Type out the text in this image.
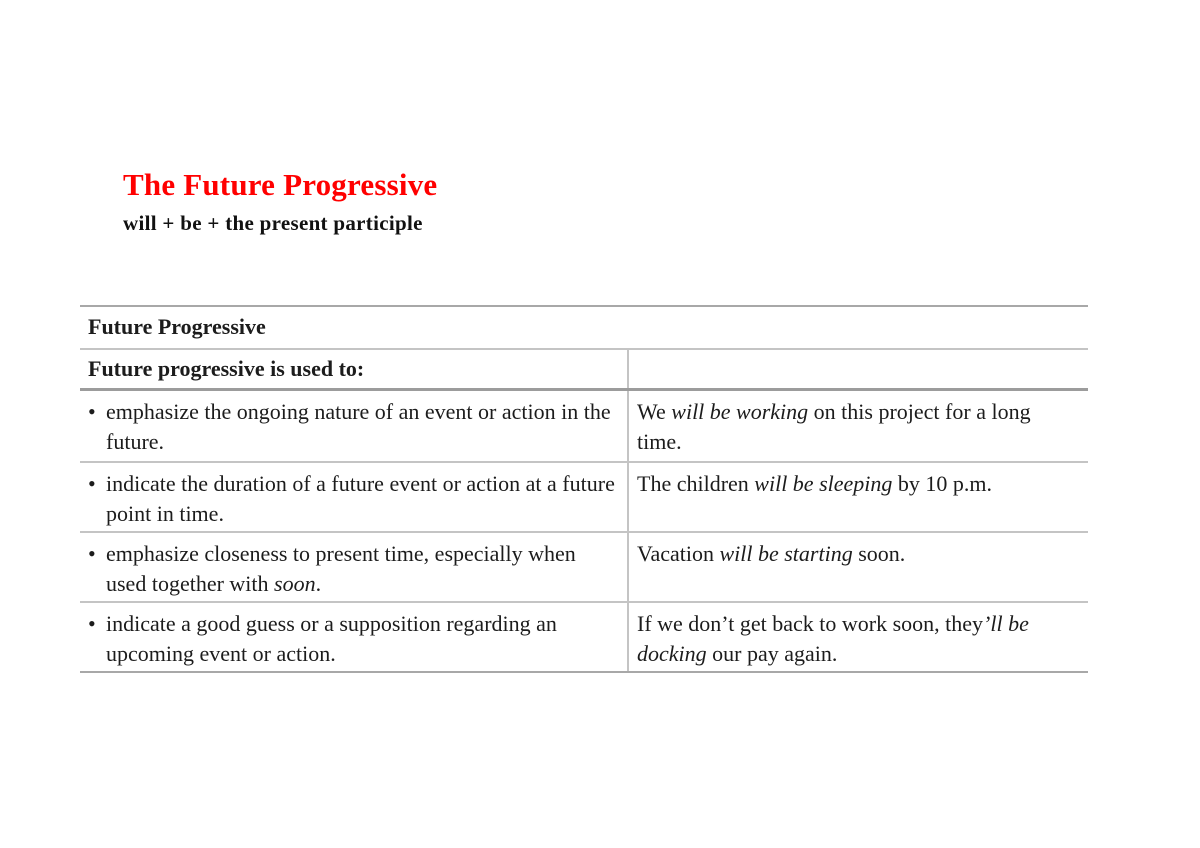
The Future Progressive

will + be + the present participle

Future Progressive	
Future progressive is used to:	

• emphasize the ongoing nature of an event or action in the future.	We will be working on this project for a long time.

• indicate the duration of a future event or action at a future point in time.	The children will be sleeping by 10 p.m.

• emphasize closeness to present time, especially when used together with soon.	Vacation will be starting soon.

• indicate a good guess or a supposition regarding an upcoming event or action.	If we don’t get back to work soon, they’ll be docking our pay again.
